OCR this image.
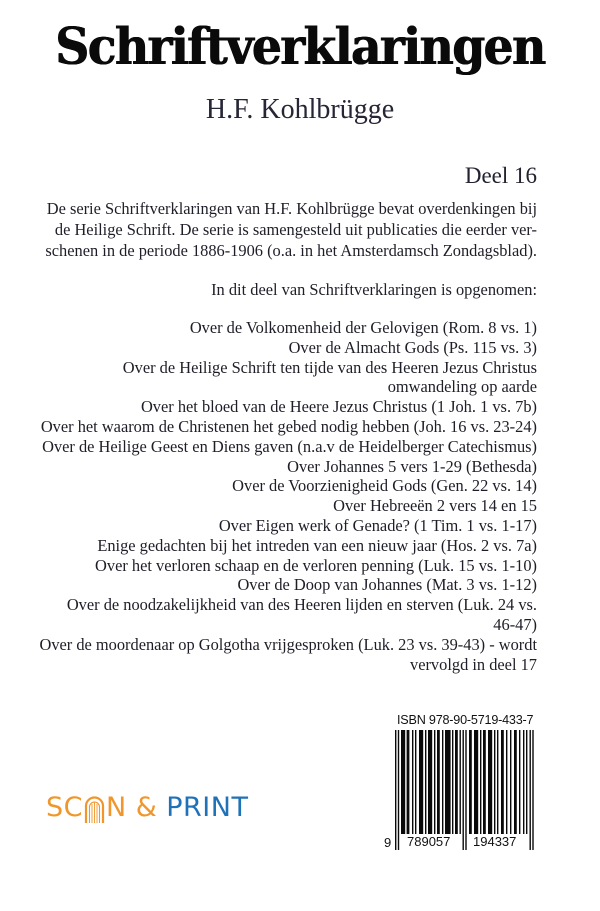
Schriftverklaringen
H.F. Kohlbrügge
Deel 16

De serie Schriftverklaringen van H.F. Kohlbrügge bevat overdenkingen bij

de Heilige Schrift. De serie is samengesteld uit publicaties die eerder ver-

schenen in de periode 1886-1906 (o.a. in het Amsterdamsch Zondagsblad).

In dit deel van Schriftverklaringen is opgenomen:
Over de Volkomenheid der Gelovigen (Rom. 8 vs. 1)
Over de Almacht Gods (Ps. 115 vs. 3)
Over de Heilige Schrift ten tijde van des Heeren Jezus Christus
omwandeling op aarde
Over het bloed van de Heere Jezus Christus (1 Joh. 1 vs. 7b)
Over het waarom de Christenen het gebed nodig hebben (Joh. 16 vs. 23-24)
Over de Heilige Geest en Diens gaven (n.a.v de Heidelberger Catechismus)
Over Johannes 5 vers 1-29 (Bethesda)
Over de Voorzienigheid Gods (Gen. 22 vs. 14)
Over Hebreeën 2 vers 14 en 15
Over Eigen werk of Genade? (1 Tim. 1 vs. 1-17)
Enige gedachten bij het intreden van een nieuw jaar (Hos. 2 vs. 7a)
Over het verloren schaap en de verloren penning (Luk. 15 vs. 1-10)
Over de Doop van Johannes (Mat. 3 vs. 1-12)
Over de noodzakelijkheid van des Heeren lijden en sterven (Luk. 24 vs.
46-47)
Over de moordenaar op Golgotha vrijgesproken (Luk. 23 vs. 39-43) - wordt
vervolgd in deel 17
SC N & PRINT
ISBN 978-90-5719-433-7
9 789057 194337
